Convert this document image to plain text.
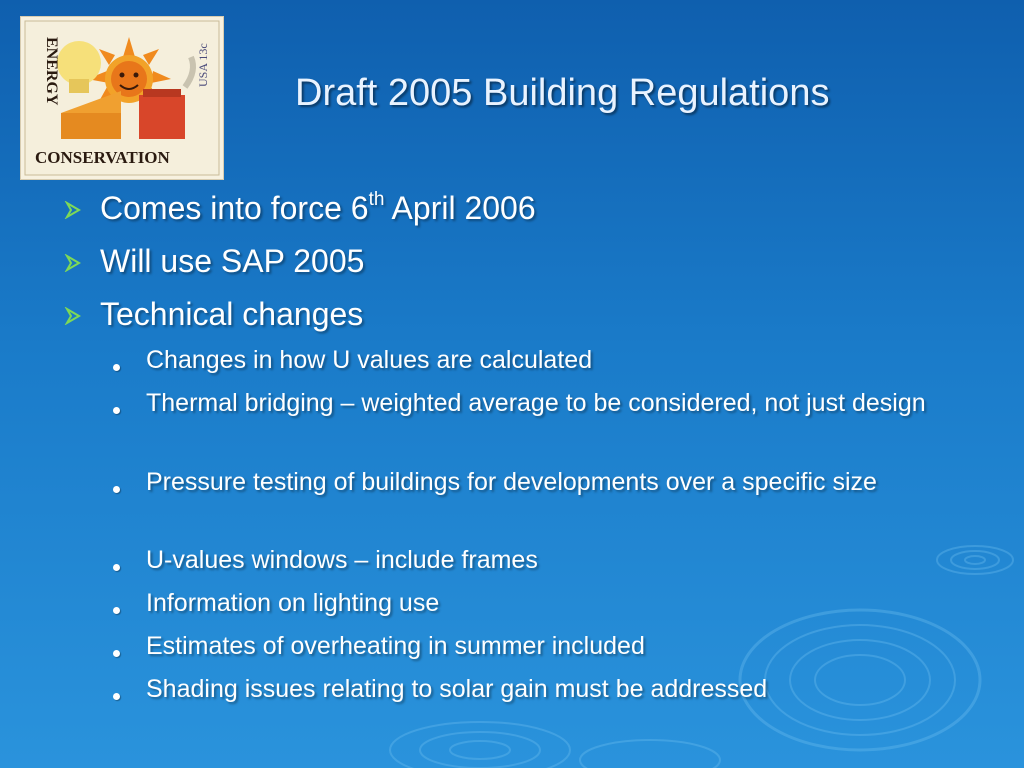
ENERGY
CONSERVATION
USA 13c
Draft 2005 Building Regulations
Comes into force 6th April 2006
Will use SAP 2005
Technical changes
Changes in how U values are calculated
Thermal bridging – weighted average to be considered, not just design
Pressure testing of buildings for developments over a specific size
U-values windows – include frames
Information on lighting use
Estimates of overheating in summer included
Shading issues relating to solar gain must be addressed
